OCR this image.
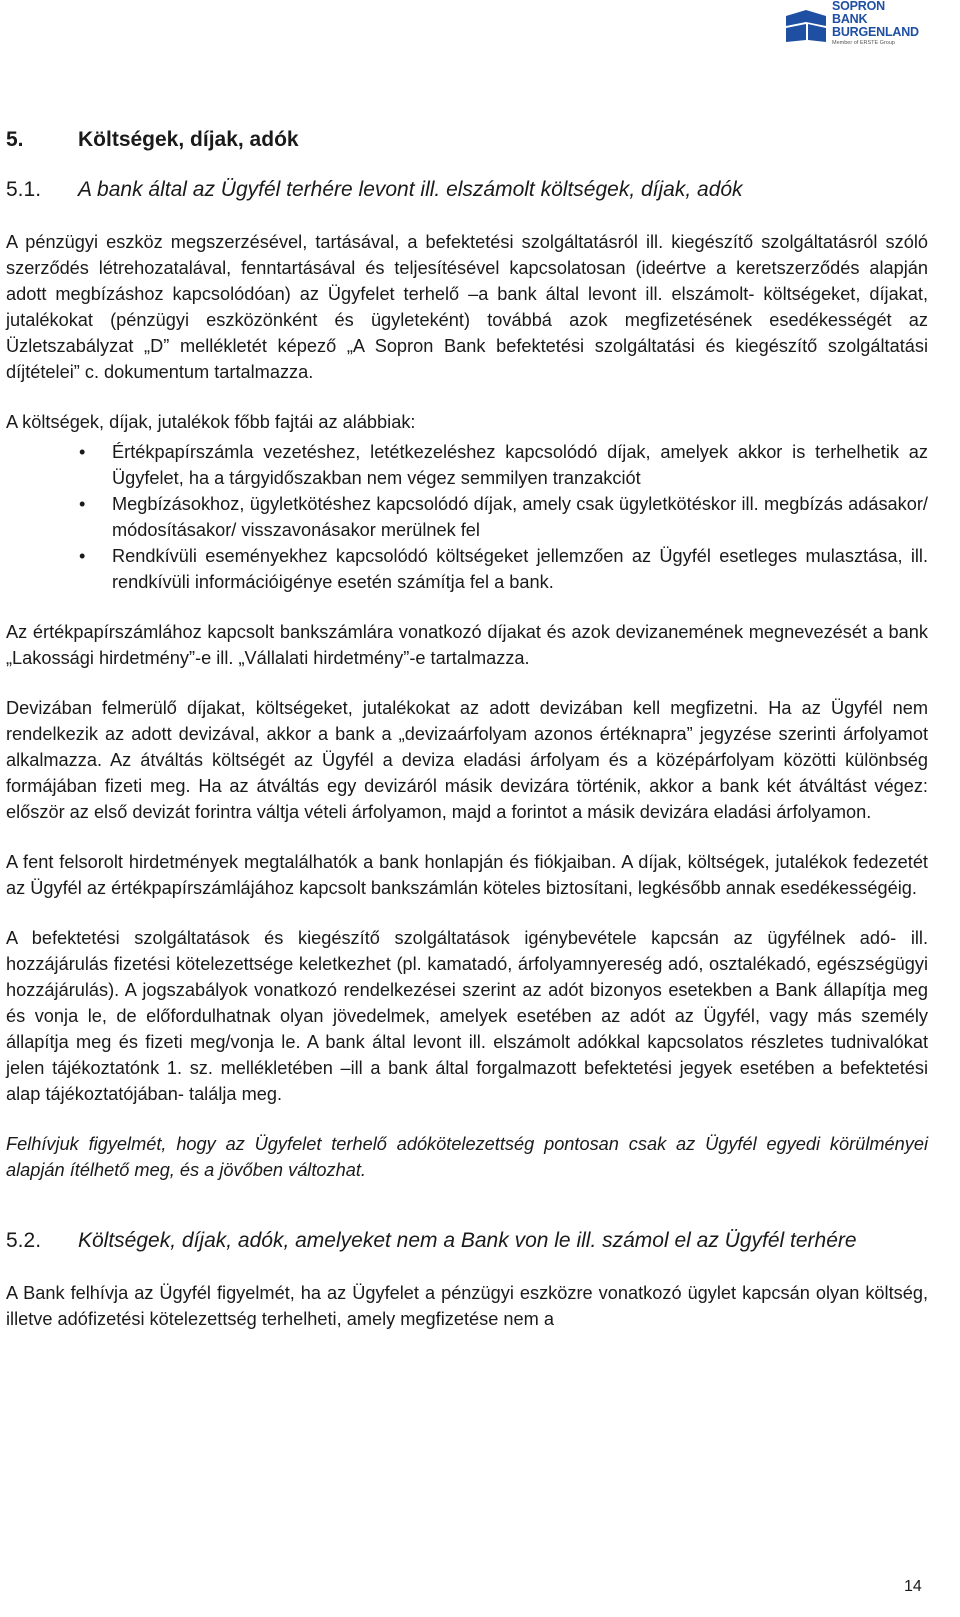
SOPRON
BANK
BURGENLAND
Member of ERSTE Group
5.	Költségek, díjak, adók
5.1.	A bank által az Ügyfél terhére levont ill. elszámolt költségek, díjak, adók

A pénzügyi eszköz megszerzésével, tartásával, a befektetési szolgáltatásról ill. kiegészítő szolgáltatásról szóló szerződés létrehozatalával, fenntartásával és teljesítésével kapcsolatosan (ideértve a keretszerződés alapján adott megbízáshoz kapcsolódóan) az Ügyfelet terhelő –a bank által levont ill. elszámolt- költségeket, díjakat, jutalékokat (pénzügyi eszközönként és ügyleteként) továbbá azok megfizetésének esedékességét az Üzletszabályzat „D” mellékletét képező „A Sopron Bank befektetési szolgáltatási és kiegészítő szolgáltatási díjtételei” c. dokumentum tartalmazza.

A költségek, díjak, jutalékok főbb fajtái az alábbiak:

• Értékpapírszámla vezetéshez, letétkezeléshez kapcsolódó díjak, amelyek akkor is terhelhetik az Ügyfelet, ha a tárgyidőszakban nem végez semmilyen tranzakciót
• Megbízásokhoz, ügyletkötéshez kapcsolódó díjak, amely csak ügyletkötéskor ill. megbízás adásakor/ módosításakor/ visszavonásakor merülnek fel
• Rendkívüli eseményekhez kapcsolódó költségeket jellemzően az Ügyfél esetleges mulasztása, ill. rendkívüli információigénye esetén számítja fel a bank.

Az értékpapírszámlához kapcsolt bankszámlára vonatkozó díjakat és azok devizanemének megnevezését a bank „Lakossági hirdetmény”-e ill. „Vállalati hirdetmény”-e tartalmazza.

Devizában felmerülő díjakat, költségeket, jutalékokat az adott devizában kell megfizetni. Ha az Ügyfél nem rendelkezik az adott devizával, akkor a bank a „devizaárfolyam azonos értéknapra” jegyzése szerinti árfolyamot alkalmazza. Az átváltás költségét az Ügyfél a deviza eladási árfolyam és a középárfolyam közötti különbség formájában fizeti meg. Ha az átváltás egy devizáról másik devizára történik, akkor a bank két átváltást végez: először az első devizát forintra váltja vételi árfolyamon, majd a forintot a másik devizára eladási árfolyamon.

A fent felsorolt hirdetmények megtalálhatók a bank honlapján és fiókjaiban. A díjak, költségek, jutalékok fedezetét az Ügyfél az értékpapírszámlájához kapcsolt bankszámlán köteles biztosítani, legkésőbb annak esedékességéig.

A befektetési szolgáltatások és kiegészítő szolgáltatások igénybevétele kapcsán az ügyfélnek adó- ill. hozzájárulás fizetési kötelezettsége keletkezhet (pl. kamatadó, árfolyamnyereség adó, osztalékadó, egészségügyi hozzájárulás). A jogszabályok vonatkozó rendelkezései szerint az adót bizonyos esetekben a Bank állapítja meg és vonja le, de előfordulhatnak olyan jövedelmek, amelyek esetében az adót az Ügyfél, vagy más személy állapítja meg és fizeti meg/vonja le. A bank által levont ill. elszámolt adókkal kapcsolatos részletes tudnivalókat jelen tájékoztatónk 1. sz. mellékletében –ill a bank által forgalmazott befektetési jegyek esetében a befektetési alap tájékoztatójában- találja meg.

Felhívjuk figyelmét, hogy az Ügyfelet terhelő adókötelezettség pontosan csak az Ügyfél egyedi körülményei alapján ítélhető meg, és a jövőben változhat.

5.2.	Költségek, díjak, adók, amelyeket nem a Bank von le ill. számol el az Ügyfél terhére

A Bank felhívja az Ügyfél figyelmét, ha az Ügyfelet a pénzügyi eszközre vonatkozó ügylet kapcsán olyan költség, illetve adófizetési kötelezettség terhelheti, amely megfizetése nem a

14
